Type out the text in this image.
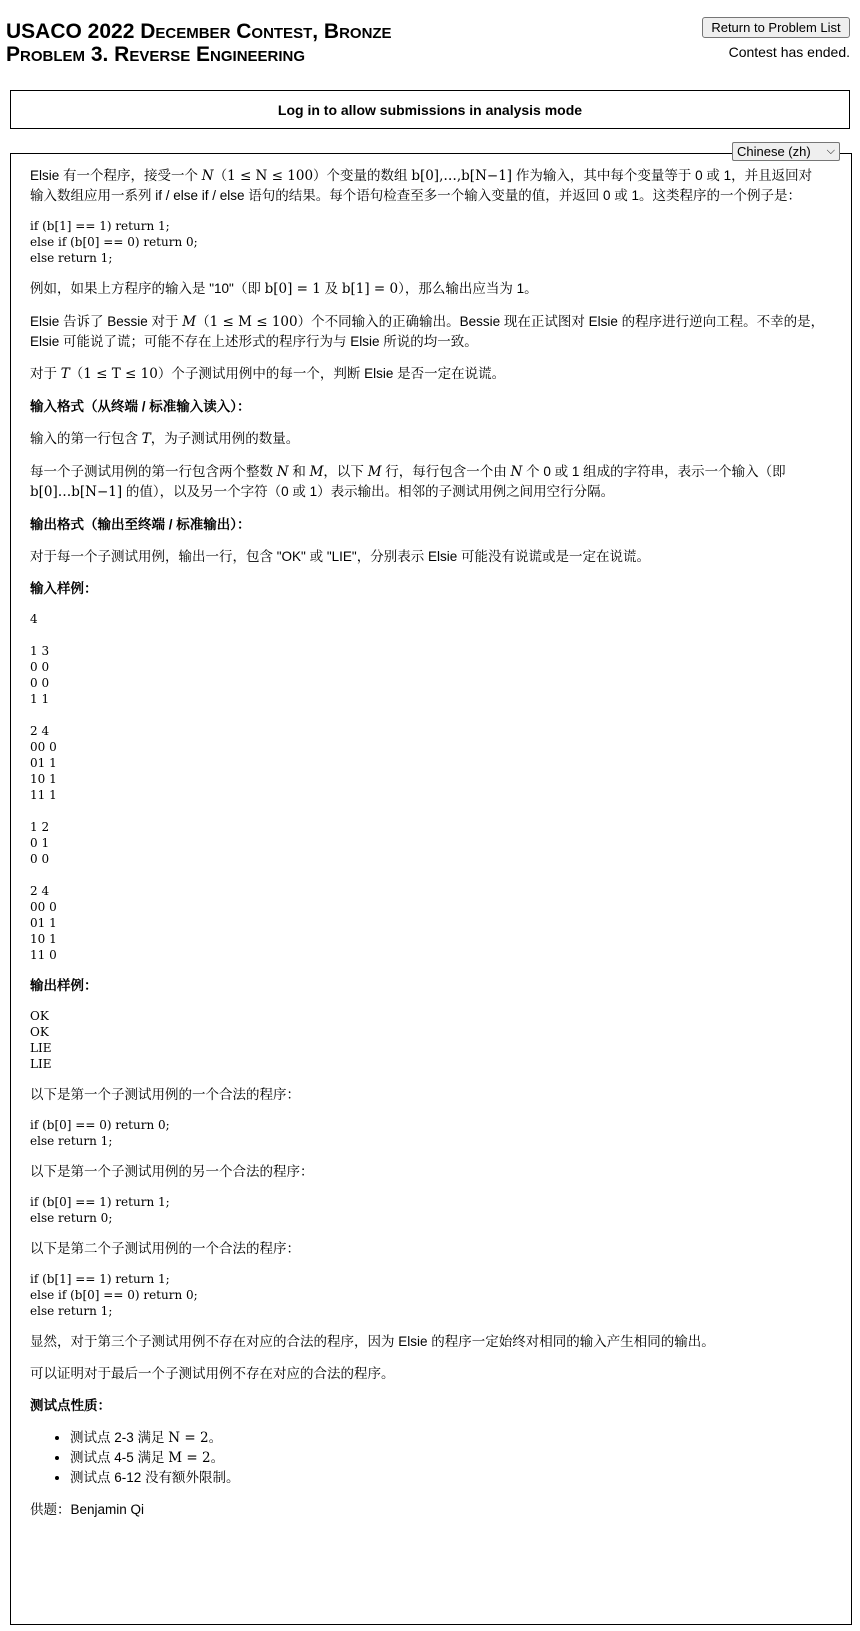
USACO 2022 December Contest, Bronze
Problem 3. Reverse Engineering
Return to Problem List
Contest has ended.
Log in to allow submissions in analysis mode
Chinese (zh) ⌵

Elsie 有一个程序，接受一个 N（1 ≤ N ≤ 100）个变量的数组 b[0],…,b[N−1] 作为输入，其中每个变量等于 0 或 1，并且返回对输入数组应用一系列 if / else if / else 语句的结果。每个语句检查至多一个输入变量的值，并返回 0 或 1。这类程序的一个例子是：

if (b[1] == 1) return 1;
else if (b[0] == 0) return 0;
else return 1;

例如，如果上方程序的输入是 "10"（即 b[0] = 1 及 b[1] = 0），那么输出应当为 1。

Elsie 告诉了 Bessie 对于 M（1 ≤ M ≤ 100）个不同输入的正确输出。Bessie 现在正试图对 Elsie 的程序进行逆向工程。不幸的是，Elsie 可能说了谎；可能不存在上述形式的程序行为与 Elsie 所说的均一致。

对于 T（1 ≤ T ≤ 10）个子测试用例中的每一个，判断 Elsie 是否一定在说谎。

输入格式（从终端 / 标准输入读入）：

输入的第一行包含 T，为子测试用例的数量。

每一个子测试用例的第一行包含两个整数 N 和 M，以下 M 行，每行包含一个由 N 个 0 或 1 组成的字符串，表示一个输入（即 b[0]…b[N−1] 的值），以及另一个字符（0 或 1）表示输出。相邻的子测试用例之间用空行分隔。

输出格式（输出至终端 / 标准输出）：

对于每一个子测试用例，输出一行，包含 "OK" 或 "LIE"，分别表示 Elsie 可能没有说谎或是一定在说谎。

输入样例：
4

1 3
0 0
0 0
1 1

2 4
00 0
01 1
10 1
11 1

1 2
0 1
0 0

2 4
00 0
01 1
10 1
11 0
输出样例：
OK
OK
LIE
LIE

以下是第一个子测试用例的一个合法的程序：

if (b[0] == 0) return 0;
else return 1;

以下是第一个子测试用例的另一个合法的程序：

if (b[0] == 1) return 1;
else return 0;

以下是第二个子测试用例的一个合法的程序：

if (b[1] == 1) return 1;
else if (b[0] == 0) return 0;
else return 1;

显然，对于第三个子测试用例不存在对应的合法的程序，因为 Elsie 的程序一定始终对相同的输入产生相同的输出。

可以证明对于最后一个子测试用例不存在对应的合法的程序。

测试点性质：
• 测试点 2-3 满足 N = 2。
• 测试点 4-5 满足 M = 2。
• 测试点 6-12 没有额外限制。

供题：Benjamin Qi
